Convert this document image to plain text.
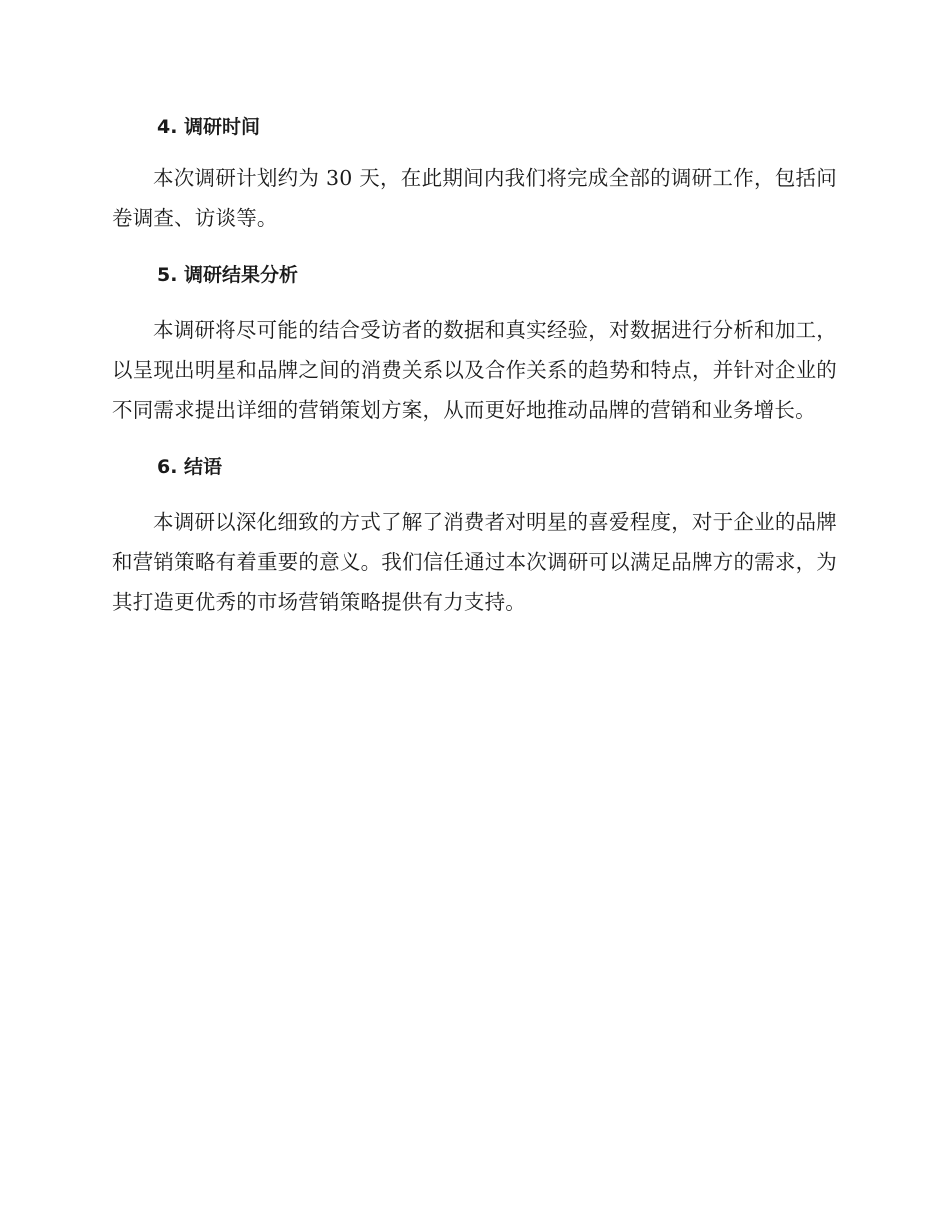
4. 调研时间

本次调研计划约为 30 天，在此期间内我们将完成全部的调研工作，包括问卷调查、访谈等。

5. 调研结果分析

本调研将尽可能的结合受访者的数据和真实经验，对数据进行分析和加工，以呈现出明星和品牌之间的消费关系以及合作关系的趋势和特点，并针对企业的不同需求提出详细的营销策划方案，从而更好地推动品牌的营销和业务增长。

6. 结语

本调研以深化细致的方式了解了消费者对明星的喜爱程度，对于企业的品牌和营销策略有着重要的意义。我们信任通过本次调研可以满足品牌方的需求，为其打造更优秀的市场营销策略提供有力支持。
